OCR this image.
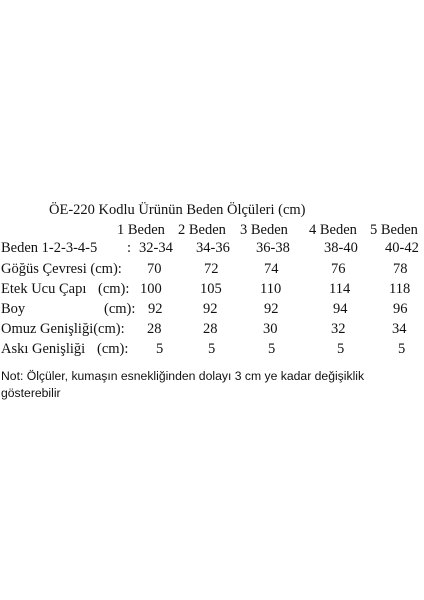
ÖE-220 Kodlu Ürünün Beden Ölçüleri (cm)
1 Beden 2 Beden 3 Beden 4 Beden 5 Beden
Beden 1-2-3-4-5 : 32-34 34-36 36-38 38-40 40-42
Göğüs Çevresi (cm): 70	72	74	76	78
Etek Ucu Çapı (cm): 100	105	110	114	118
Boy	(cm): 92	92	92	94	96
Omuz Genişliği(cm): 28	28	30	32	34
Askı Genişliği (cm): 5	5	5	5	5
Not: Ölçüler, kumaşın esnekliğinden dolayı 3 cm ye kadar değişiklik gösterebilir
